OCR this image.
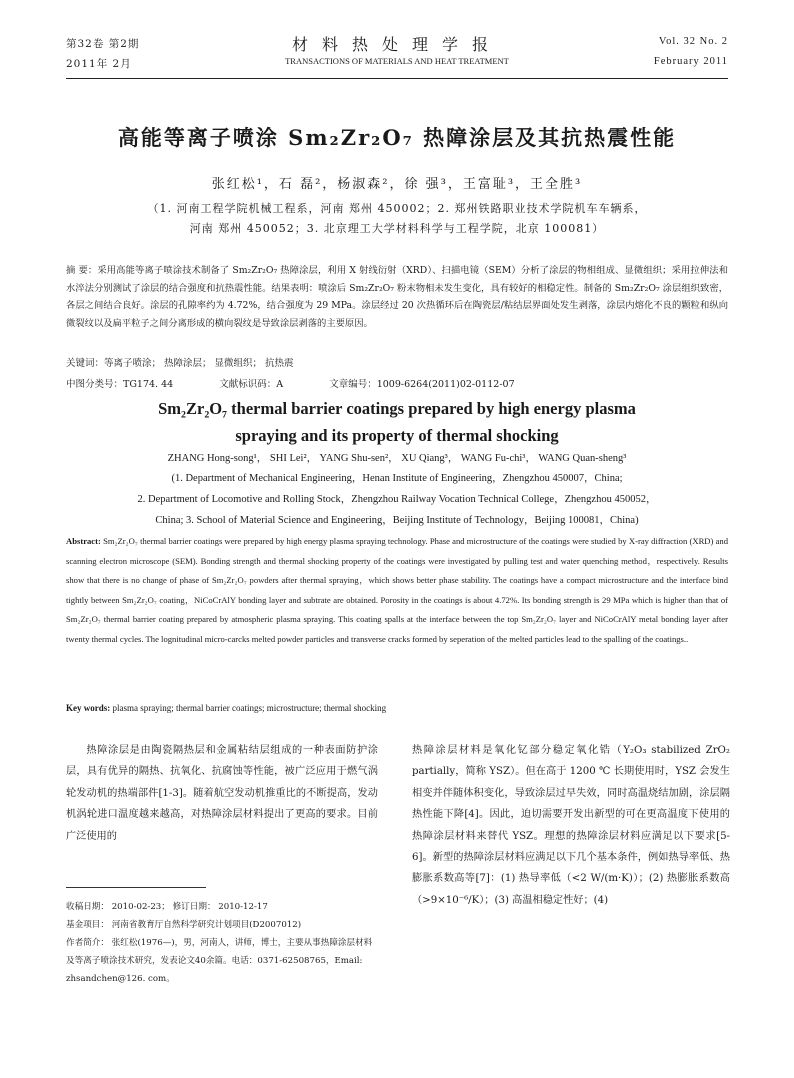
第32卷 第2期
2011年 2月
材料热处理学报
TRANSACTIONS OF MATERIALS AND HEAT TREATMENT
Vol. 32 No. 2
February 2011
高能等离子喷涂 Sm₂Zr₂O₇ 热障涂层及其抗热震性能
张红松¹，石 磊²，杨淑森²，徐 强³，王富耻³，王全胜³
（1. 河南工程学院机械工程系，河南 郑州 450002；2. 郑州铁路职业技术学院机车车辆系，
河南 郑州 450052；3. 北京理工大学材料科学与工程学院，北京 100081）
摘 要：采用高能等离子喷涂技术制备了 Sm₂Zr₂O₇ 热障涂层，利用 X 射线衍射（XRD）、扫描电镜（SEM）分析了涂层的物相组成、显微组织；采用拉伸法和水淬法分别测试了涂层的结合强度和抗热震性能。结果表明：喷涂后 Sm₂Zr₂O₇ 粉末物相未发生变化，具有较好的相稳定性。制备的 Sm₂Zr₂O₇ 涂层组织致密，各层之间结合良好。涂层的孔隙率约为 4.72%，结合强度为 29 MPa。涂层经过 20 次热循环后在陶瓷层/粘结层界面处发生剥落，涂层内熔化不良的颗粒和纵向微裂纹以及扁平粒子之间分离形成的横向裂纹是导致涂层剥落的主要原因。
关键词：等离子喷涂； 热障涂层； 显微组织； 抗热震
中图分类号：TG174. 44	文献标识码：A	文章编号：1009-6264(2011)02-0112-07
Sm₂Zr₂O₇ thermal barrier coatings prepared by high energy plasma
spraying and its property of thermal shocking
ZHANG Hong-song¹， SHI Lei²， YANG Shu-sen²， XU Qiang³， WANG Fu-chi³， WANG Quan-sheng³
(1. Department of Mechanical Engineering，Henan Institute of Engineering，Zhengzhou 450007，China;
2. Department of Locomotive and Rolling Stock，Zhengzhou Railway Vocation Technical College，Zhengzhou 450052，
China; 3. School of Material Science and Engineering，Beijing Institute of Technology，Beijing 100081，China)
Abstract: Sm₂Zr₂O₇ thermal barrier coatings were prepared by high energy plasma spraying technology. Phase and microstructure of the coatings were studied by X-ray diffraction (XRD) and scanning electron microscope (SEM). Bonding strength and thermal shocking property of the coatings were investigated by pulling test and water quenching method，respectively. Results show that there is no change of phase of Sm₂Zr₂O₇ powders after thermal spraying，which shows better phase stability. The coatings have a compact microstructure and the interface bind tightly between Sm₂Zr₂O₇ coating，NiCoCrAlY bonding layer and subtrate are obtained. Porosity in the coatings is about 4.72%. Its bonding strength is 29 MPa which is higher than that of Sm₂Zr₂O₇ thermal barrier coating prepared by atmospheric plasma spraying. This coating spalls at the interface between the top Sm₂Zr₂O₇ layer and NiCoCrAlY metal bonding layer after twenty thermal cycles. The lognitudinal micro-carcks melted powder particles and transverse cracks formed by seperation of the melted particles lead to the spalling of the coatings..
Key words: plasma spraying; thermal barrier coatings; microstructure; thermal shocking
热障涂层是由陶瓷隔热层和金属粘结层组成的一种表面防护涂层，具有优异的隔热、抗氧化、抗腐蚀等性能，被广泛应用于燃气涡轮发动机的热端部件[1-3]。随着航空发动机推重比的不断提高，发动机涡轮进口温度越来越高，对热障涂层材料提出了更高的要求。目前广泛使用的
收稿日期： 2010-02-23； 修订日期： 2010-12-17
基金项目： 河南省教育厅自然科学研究计划项目(D2007012)
作者简介： 张红松(1976—)，男，河南人，讲师，博士，主要从事热障涂层材料及等离子喷涂技术研究，发表论文40余篇。电话：0371-62508765，Email: zhsandchen@126. com。
热障涂层材料是氧化钇部分稳定氧化锆（Y₂O₃ stabilized ZrO₂ partially，简称 YSZ）。但在高于 1200 ℃ 长期使用时，YSZ 会发生相变并伴随体积变化，导致涂层过早失效，同时高温烧结加剧，涂层隔热性能下降[4]。因此，迫切需要开发出新型的可在更高温度下使用的热障涂层材料来替代 YSZ。理想的热障涂层材料应满足以下要求[5-6]。新型的热障涂层材料应满足以下几个基本条件，例如热导率低、热膨胀系数高等[7]：(1) 热导率低（<2 W/(m·K)）；(2) 热膨胀系数高（>9×10⁻⁶/K）；(3) 高温相稳定性好；(4)
